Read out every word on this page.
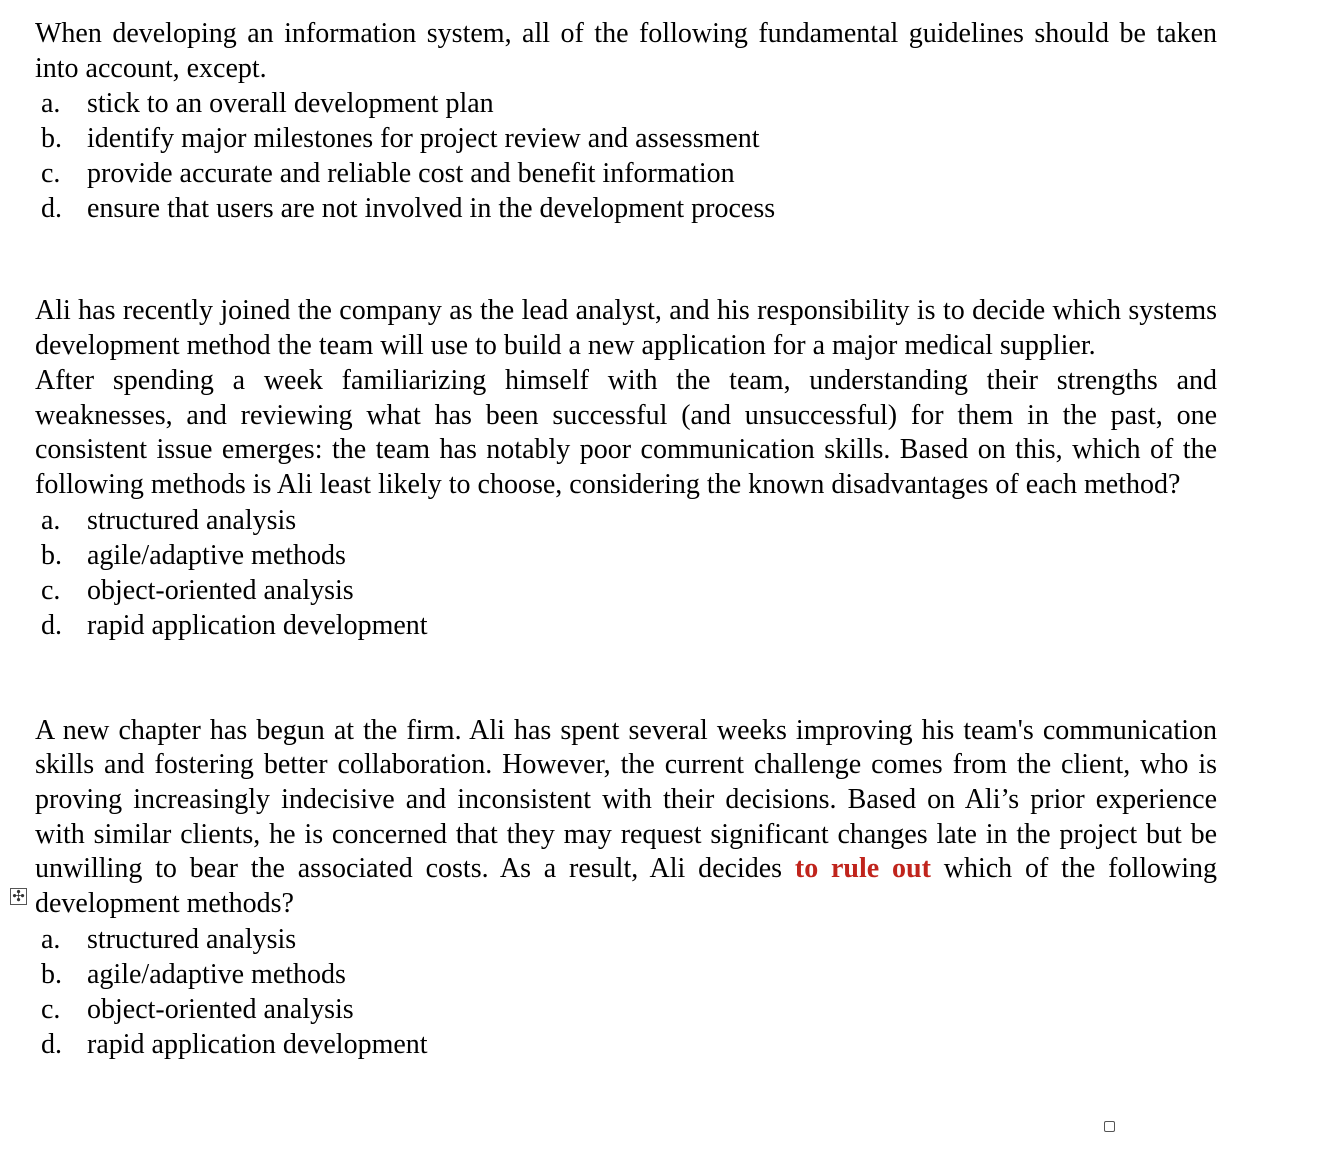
When developing an information system, all of the following fundamental guidelines should be taken into account, except.

a. stick to an overall development plan
b. identify major milestones for project review and assessment
c. provide accurate and reliable cost and benefit information
d. ensure that users are not involved in the development process

Ali has recently joined the company as the lead analyst, and his responsibility is to decide which systems development method the team will use to build a new application for a major medical supplier.

After spending a week familiarizing himself with the team, understanding their strengths and weaknesses, and reviewing what has been successful (and unsuccessful) for them in the past, one consistent issue emerges: the team has notably poor communication skills. Based on this, which of the following methods is Ali least likely to choose, considering the known disadvantages of each method?

a. structured analysis
b. agile/adaptive methods
c. object-oriented analysis
d. rapid application development
✣

A new chapter has begun at the firm. Ali has spent several weeks improving his team's communication skills and fostering better collaboration. However, the current challenge comes from the client, who is proving increasingly indecisive and inconsistent with their decisions. Based on Ali’s prior experience with similar clients, he is concerned that they may request significant changes late in the project but be unwilling to bear the associated costs. As a result, Ali decides to rule out which of the following development methods?

a. structured analysis
b. agile/adaptive methods
c. object-oriented analysis
d. rapid application development
